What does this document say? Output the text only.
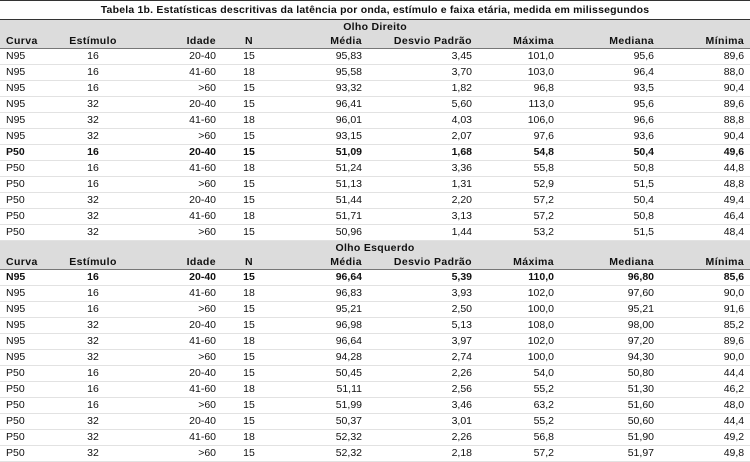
Tabela 1b. Estatísticas descritivas da latência por onda, estímulo e faixa etária, medida em milissegundos
Olho Direito								
Curva	Estímulo	Idade	N	Média	Desvio Padrão	Máxima	Mediana	Mínima
N95	16	20-40	15	95,83	3,45	101,0	95,6	89,6
N95	16	41-60	18	95,58	3,70	103,0	96,4	88,0
N95	16	>60	15	93,32	1,82	96,8	93,5	90,4
N95	32	20-40	15	96,41	5,60	113,0	95,6	89,6
N95	32	41-60	18	96,01	4,03	106,0	96,6	88,8
N95	32	>60	15	93,15	2,07	97,6	93,6	90,4
P50	16	20-40	15	51,09	1,68	54,8	50,4	49,6
P50	16	41-60	18	51,24	3,36	55,8	50,8	44,8
P50	16	>60	15	51,13	1,31	52,9	51,5	48,8
P50	32	20-40	15	51,44	2,20	57,2	50,4	49,4
P50	32	41-60	18	51,71	3,13	57,2	50,8	46,4
P50	32	>60	15	50,96	1,44	53,2	51,5	48,4
Olho Esquerdo								
Curva	Estímulo	Idade	N	Média	Desvio Padrão	Máxima	Mediana	Mínima
N95	16	20-40	15	96,64	5,39	110,0	96,80	85,6
N95	16	41-60	18	96,83	3,93	102,0	97,60	90,0
N95	16	>60	15	95,21	2,50	100,0	95,21	91,6
N95	32	20-40	15	96,98	5,13	108,0	98,00	85,2
N95	32	41-60	18	96,64	3,97	102,0	97,20	89,6
N95	32	>60	15	94,28	2,74	100,0	94,30	90,0
P50	16	20-40	15	50,45	2,26	54,0	50,80	44,4
P50	16	41-60	18	51,11	2,56	55,2	51,30	46,2
P50	16	>60	15	51,99	3,46	63,2	51,60	48,0
P50	32	20-40	15	50,37	3,01	55,2	50,60	44,4
P50	32	41-60	18	52,32	2,26	56,8	51,90	49,2
P50	32	>60	15	52,32	2,18	57,2	51,97	49,8
